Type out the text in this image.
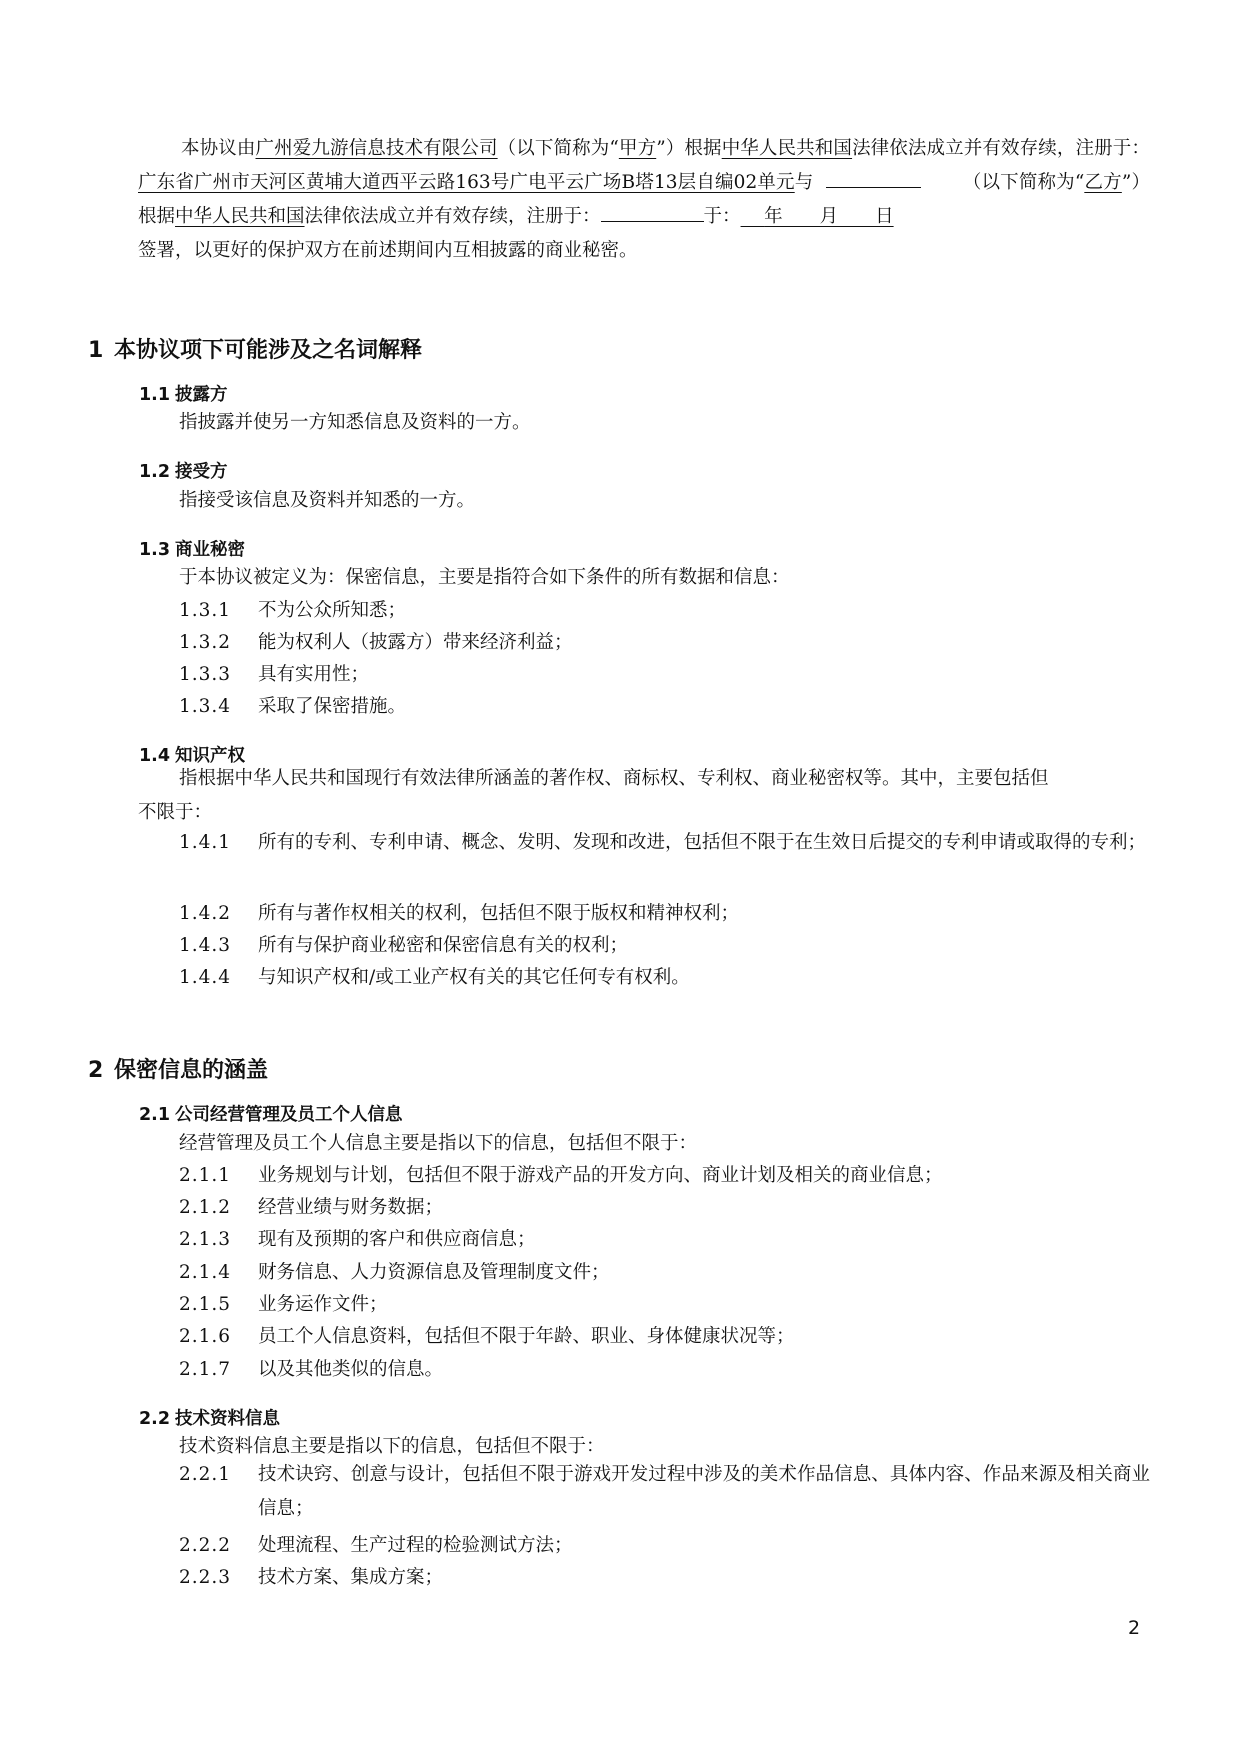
本协议由广州爱九游信息技术有限公司（以下简称为“甲方”）根据中华人民共和国法律依法成立并有效存续，注册于：广东省广州市天河区黄埔大道西平云路163号广电平云广场B塔13层自编02单元与	（以下简称为“乙方”）根据中华人民共和国法律依法成立并有效存续，注册于：	于： 年　　月　　日
签署，以更好的保护双方在前述期间内互相披露的商业秘密。

1 本协议项下可能涉及之名词解释
1.1 披露方
指披露并使另一方知悉信息及资料的一方。
1.2 接受方
指接受该信息及资料并知悉的一方。
1.3 商业秘密
于本协议被定义为：保密信息，主要是指符合如下条件的所有数据和信息：
1.3.1 不为公众所知悉；
1.3.2 能为权利人（披露方）带来经济利益；
1.3.3 具有实用性；
1.3.4 采取了保密措施。
1.4 知识产权
指根据中华人民共和国现行有效法律所涵盖的著作权、商标权、专利权、商业秘密权等。其中，主要包括但
不限于：
1.4.1 所有的专利、专利申请、概念、发明、发现和改进，包括但不限于在生效日后提交的专利申请或取得的专利；
1.4.2 所有与著作权相关的权利，包括但不限于版权和精神权利；
1.4.3 所有与保护商业秘密和保密信息有关的权利；
1.4.4 与知识产权和/或工业产权有关的其它任何专有权利。
2 保密信息的涵盖
2.1 公司经营管理及员工个人信息
经营管理及员工个人信息主要是指以下的信息，包括但不限于：
2.1.1 业务规划与计划，包括但不限于游戏产品的开发方向、商业计划及相关的商业信息；
2.1.2 经营业绩与财务数据；
2.1.3 现有及预期的客户和供应商信息；
2.1.4 财务信息、人力资源信息及管理制度文件；
2.1.5 业务运作文件；
2.1.6 员工个人信息资料，包括但不限于年龄、职业、身体健康状况等；
2.1.7 以及其他类似的信息。
2.2 技术资料信息
技术资料信息主要是指以下的信息，包括但不限于：
2.2.1 技术诀窍、创意与设计，包括但不限于游戏开发过程中涉及的美术作品信息、具体内容、作品来源及相关商业信息；
2.2.2 处理流程、生产过程的检验测试方法；
2.2.3 技术方案、集成方案；
2
